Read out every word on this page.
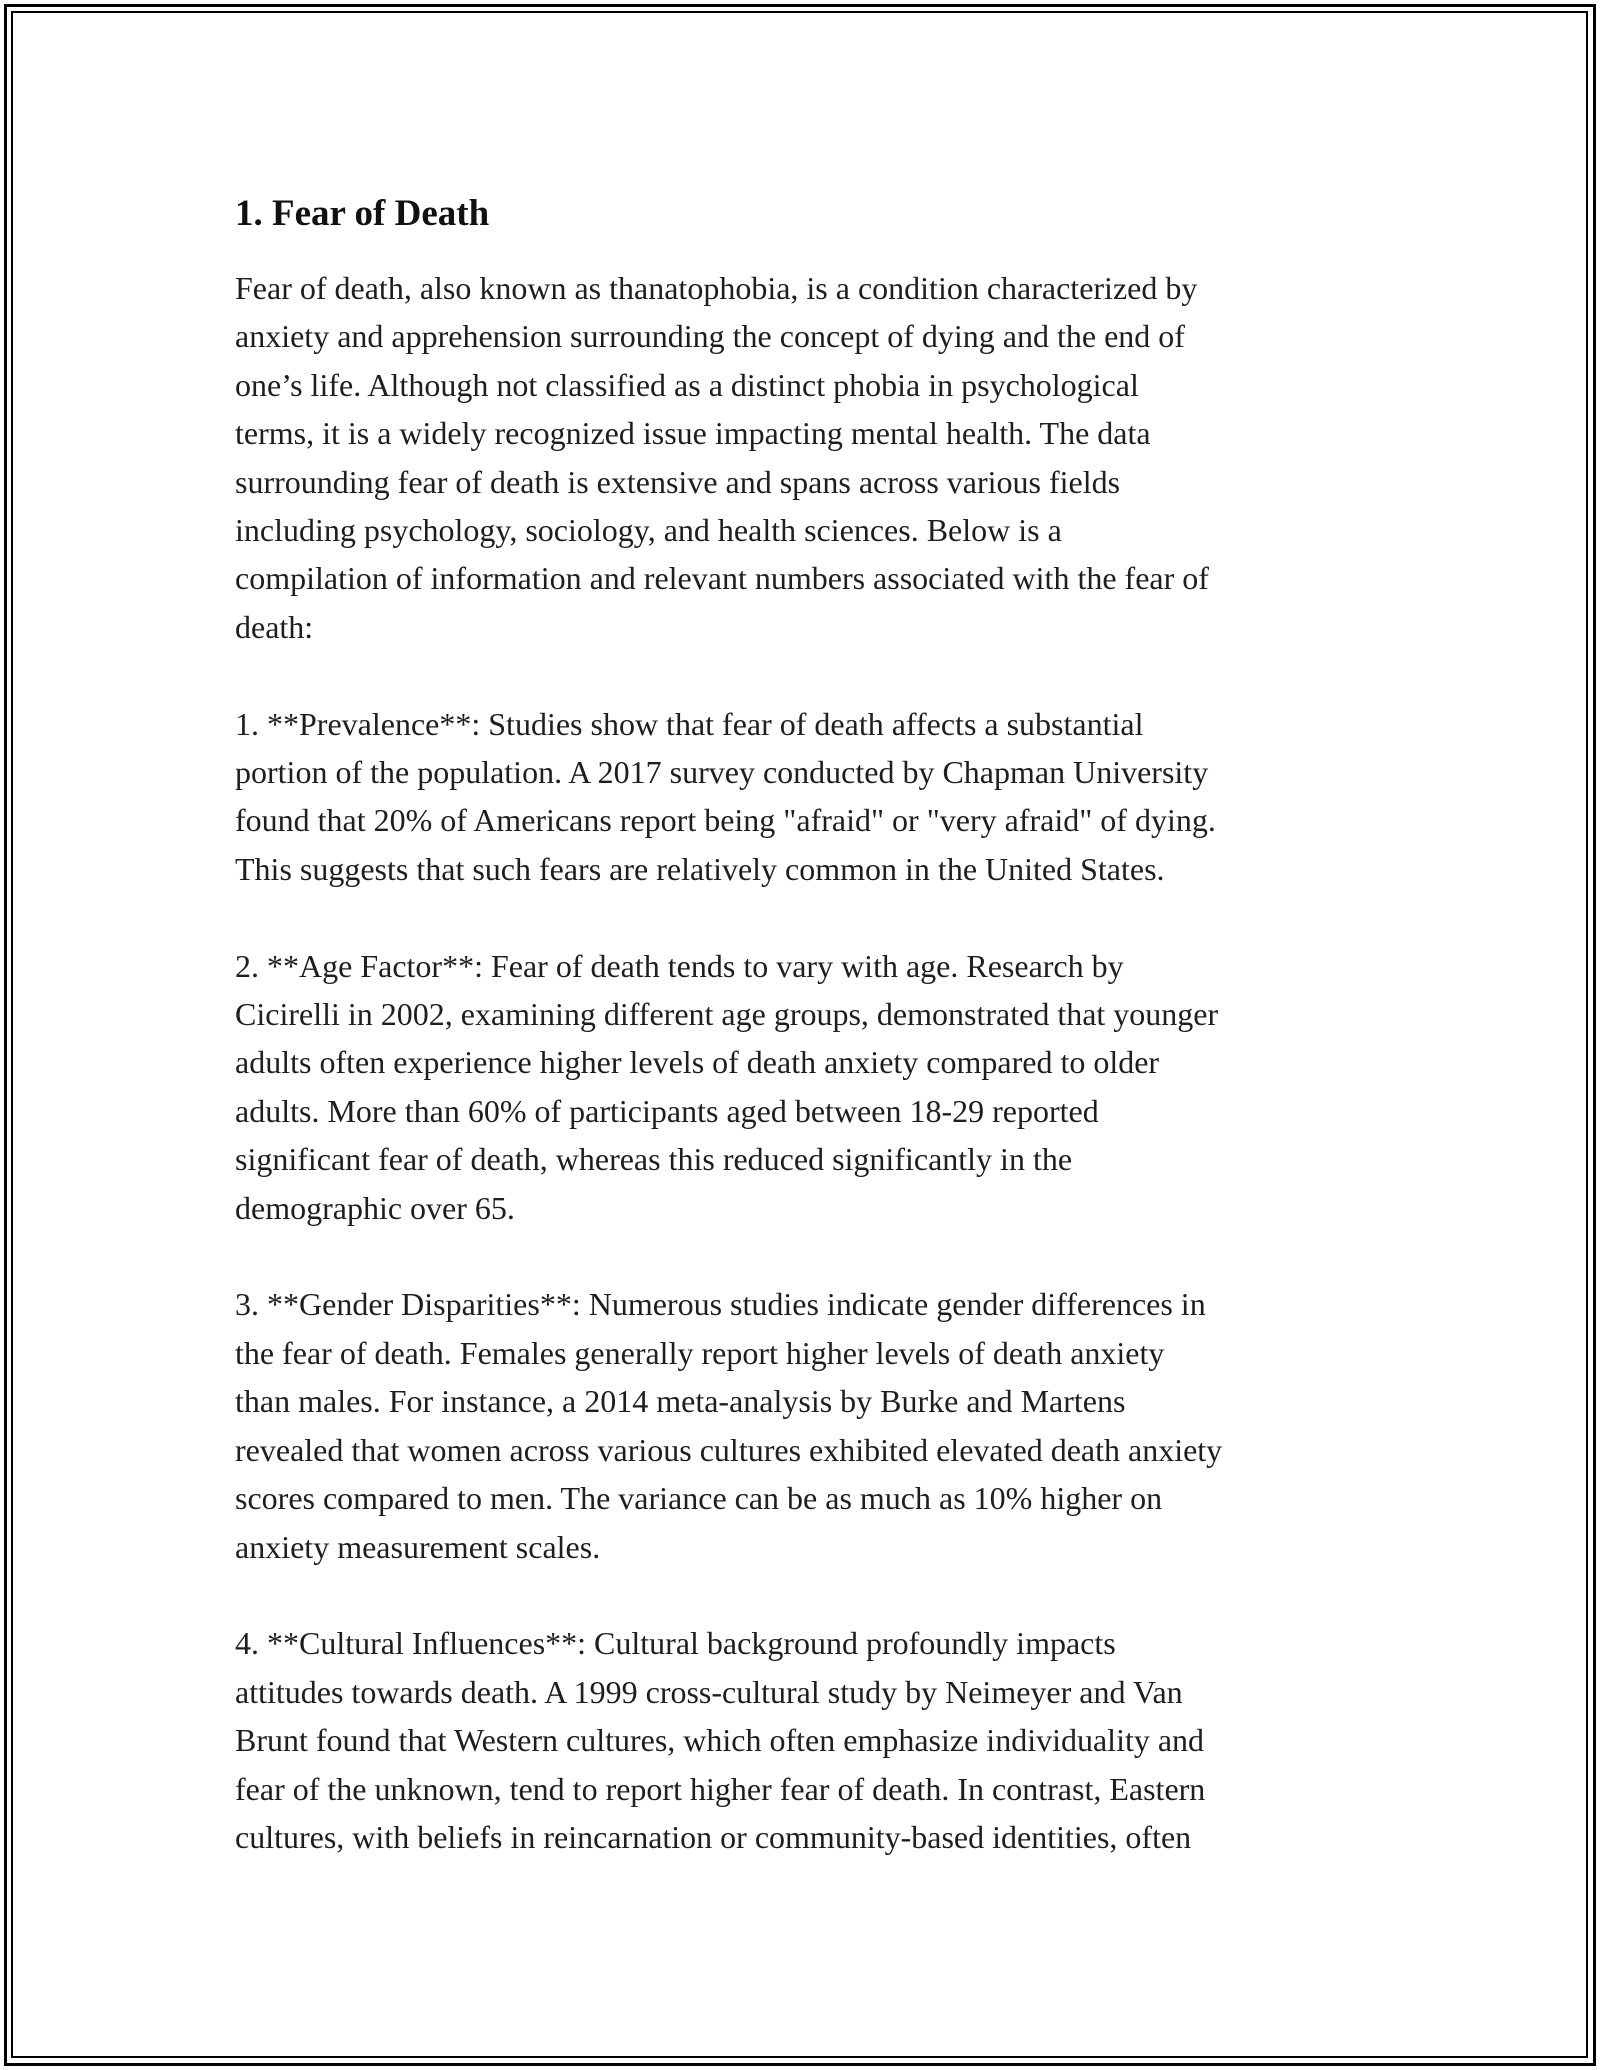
1. Fear of Death

Fear of death, also known as thanatophobia, is a condition characterized by
anxiety and apprehension surrounding the concept of dying and the end of
one’s life. Although not classified as a distinct phobia in psychological
terms, it is a widely recognized issue impacting mental health. The data
surrounding fear of death is extensive and spans across various fields
including psychology, sociology, and health sciences. Below is a
compilation of information and relevant numbers associated with the fear of
death:

1. **Prevalence**: Studies show that fear of death affects a substantial
portion of the population. A 2017 survey conducted by Chapman University
found that 20% of Americans report being "afraid" or "very afraid" of dying.
This suggests that such fears are relatively common in the United States.

2. **Age Factor**: Fear of death tends to vary with age. Research by
Cicirelli in 2002, examining different age groups, demonstrated that younger
adults often experience higher levels of death anxiety compared to older
adults. More than 60% of participants aged between 18-29 reported
significant fear of death, whereas this reduced significantly in the
demographic over 65.

3. **Gender Disparities**: Numerous studies indicate gender differences in
the fear of death. Females generally report higher levels of death anxiety
than males. For instance, a 2014 meta-analysis by Burke and Martens
revealed that women across various cultures exhibited elevated death anxiety
scores compared to men. The variance can be as much as 10% higher on
anxiety measurement scales.

4. **Cultural Influences**: Cultural background profoundly impacts
attitudes towards death. A 1999 cross-cultural study by Neimeyer and Van
Brunt found that Western cultures, which often emphasize individuality and
fear of the unknown, tend to report higher fear of death. In contrast, Eastern
cultures, with beliefs in reincarnation or community-based identities, often
